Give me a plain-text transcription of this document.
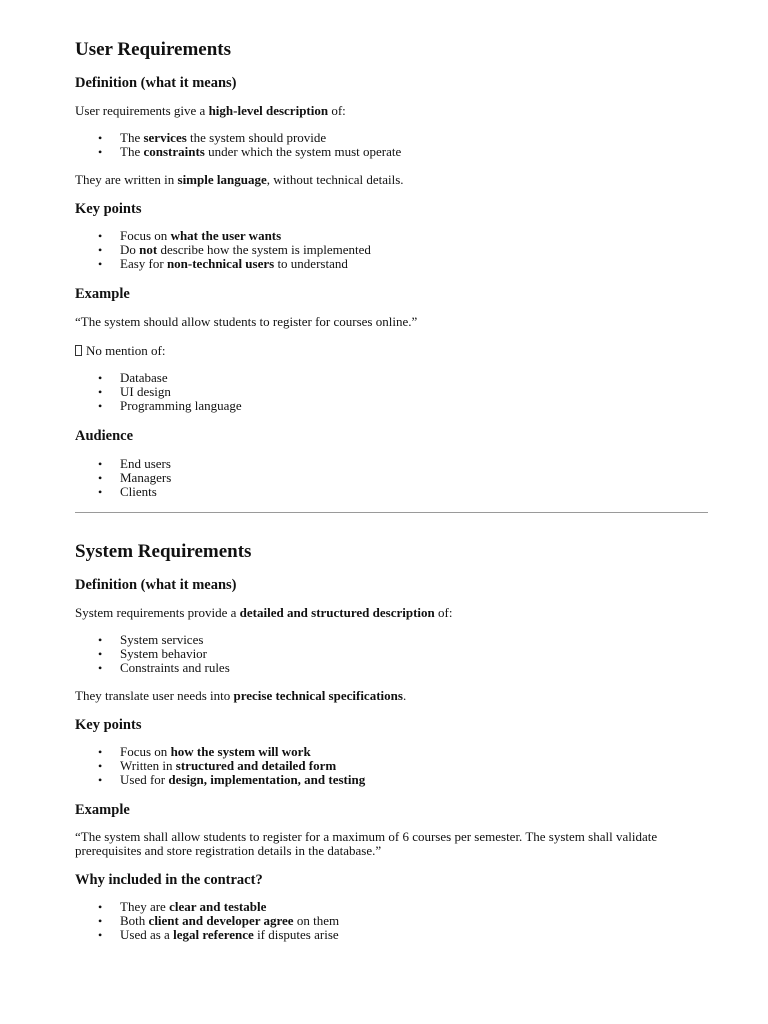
User Requirements
Definition (what it means)

User requirements give a high-level description of:

• The services the system should provide
• The constraints under which the system must operate

They are written in simple language, without technical details.

Key points
• Focus on what the user wants
• Do not describe how the system is implemented
• Easy for non-technical users to understand
Example

“The system should allow students to register for courses online.”

No mention of:

• Database
• UI design
• Programming language
Audience
• End users
• Managers
• Clients
System Requirements
Definition (what it means)

System requirements provide a detailed and structured description of:

• System services
• System behavior
• Constraints and rules

They translate user needs into precise technical specifications.

Key points
• Focus on how the system will work
• Written in structured and detailed form
• Used for design, implementation, and testing
Example

“The system shall allow students to register for a maximum of 6 courses per semester. The system shall validate prerequisites and store registration details in the database.”

Why included in the contract?
• They are clear and testable
• Both client and developer agree on them
• Used as a legal reference if disputes arise
